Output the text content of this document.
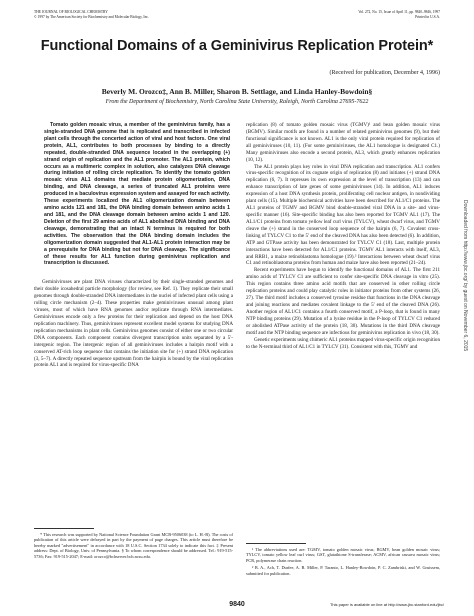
THE JOURNAL OF BIOLOGICAL CHEMISTRY
© 1997 by The American Society for Biochemistry and Molecular Biology, Inc.
Vol. 272, No. 15, Issue of April 11, pp. 9840–9846, 1997
Printed in U.S.A.
Functional Domains of a Geminivirus Replication Protein*
(Received for publication, December 4, 1996)
Beverly M. Orozco‡, Ann B. Miller, Sharon B. Settlage, and Linda Hanley-Bowdoin§
From the Department of Biochemistry, North Carolina State University, Raleigh, North Carolina 27695-7622
Tomato golden mosaic virus, a member of the geminivirus family, has a single-stranded DNA genome that is replicated and transcribed in infected plant cells through the concerted action of viral and host factors. One viral protein, AL1, contributes to both processes by binding to a directly repeated, double-stranded DNA sequence located in the overlapping (+) strand origin of replication and the AL1 promoter. The AL1 protein, which occurs as a multimeric complex in solution, also catalyzes DNA cleavage during initiation of rolling circle replication. To identify the tomato golden mosaic virus AL1 domains that mediate protein oligomerization, DNA binding, and DNA cleavage, a series of truncated AL1 proteins were produced in a baculovirus expression system and assayed for each activity. These experiments localized the AL1 oligomerization domain between amino acids 121 and 181, the DNA binding domain between amino acids 1 and 181, and the DNA cleavage domain between amino acids 1 and 120. Deletion of the first 29 amino acids of AL1 abolished DNA binding and DNA cleavage, demonstrating that an intact N terminus is required for both activities. The observation that the DNA binding domain includes the oligomerization domain suggested that AL1-AL1 protein interaction may be a prerequisite for DNA binding but not for DNA cleavage. The significance of these results for AL1 function during geminivirus replication and transcription is discussed.

Geminiviruses are plant DNA viruses characterized by their single-stranded genomes and their double icosahedral particle morphology (for review, see Ref. 1). They replicate their small genomes through double-stranded DNA intermediates in the nuclei of infected plant cells using a rolling circle mechanism (2–4). These properties make geminiviruses unusual among plant viruses, most of which have RNA genomes and/or replicate through RNA intermediates. Geminiviruses encode only a few proteins for their replication and depend on the host DNA replication machinery. Thus, geminiviruses represent excellent model systems for studying DNA replication mechanisms in plant cells. Geminivirus genomes consist of either one or two circular DNA components. Each component contains divergent transcription units separated by a 5′-intergenic region. The intergenic region of all geminiviruses includes a hairpin motif with a conserved AT-rich loop sequence that contains the initiation site for (+) strand DNA replication (3, 5–7). A directly repeated sequence upstream from the hairpin is bound by the viral replication protein AL1 and is required for virus-specific DNA

replication (8) of tomato golden mosaic virus (TGMV)¹ and bean golden mosaic virus (BGMV). Similar motifs are found in a number of related geminivirus genomes (9), but their functional significance is not known. AL1 is the only viral protein required for replication of all geminiviruses (10, 11). (For some geminiviruses, the AL1 homologue is designated C1.) Many geminiviruses also encode a second protein, AL3, which greatly enhances replication (10, 12).

The AL1 protein plays key roles in viral DNA replication and transcription. AL1 confers virus-specific recognition of its cognate origin of replication (8) and initiates (+) strand DNA replication (6, 7). It represses its own expression at the level of transcription (13) and can enhance transcription of late genes of some geminiviruses (14). In addition, AL1 induces expression of a host DNA synthesis protein, proliferating cell nuclear antigen, in nondividing plant cells (15). Multiple biochemical activities have been described for AL1/C1 proteins. The AL1 proteins of TGMV and BGMV bind double-stranded viral DNA in a site- and virus-specific manner (16). Site-specific binding has also been reported for TGMV AL1 (17). The AL1/C1 proteins from tomato yellow leaf curl virus (TYLCV), wheat dwarf virus, and TGMV cleave the (+) strand in the conserved loop sequence of the hairpin (6, 7). Covalent cross-linking of TYLCV C1 to the 5′ end of the cleaved DNA has also been detected (6). In addition, ATP and GTPase activity has been demonstrated for TYLCV C1 (18). Last, multiple protein interactions have been detected for AL1/C1 proteins. TGMV AL1 interacts with itself, AL3, and RRB1, a maize retinoblastoma homologue (19).² Interactions between wheat dwarf virus C1 and retinoblastoma proteins from human and maize have also been reported (21–24).

Recent experiments have begun to identify the functional domains of AL1. The first 211 amino acids of TYLCV C1 are sufficient to confer site-specific DNA cleavage in vitro (25). This region contains three amino acid motifs that are conserved in other rolling circle replication proteins and could play catalytic roles in initiator proteins from other systems (26, 27). The third motif includes a conserved tyrosine residue that functions in the DNA cleavage and joining reactions and mediates covalent linkage to the 5′ end of the cleaved DNA (26). Another region of AL1/C1 contains a fourth conserved motif, a P-loop, that is found in many NTP binding proteins (29). Mutation of a lysine residue in the P-loop of TYLCV C1 reduced or abolished ATPase activity of the protein (18, 30). Mutations in the third DNA cleavage motif and the NTP binding sequence are infectious for geminivirus replication in vivo (18, 30).

Genetic experiments using chimeric AL1 proteins mapped virus-specific origin recognition to the N-terminal third of AL1/C1 in TYLCV (31). Consistent with this, TGMV and

* This research was supported by National Science Foundation Grant MCB-9506038 (to L. H.-B). The costs of publication of this article were defrayed in part by the payment of page charges. This article must therefore be hereby marked "advertisement" in accordance with 18 U.S.C. Section 1734 solely to indicate this fact. ‡ Present address: Dept. of Biology, Univ. of Pennsylvania. § To whom correspondence should be addressed. Tel.: 919-515-5736; Fax: 919-515-2047; E-mail: orozco@bchserver.bch.ncsu.edu.

¹ The abbreviations used are: TGMV, tomato golden mosaic virus; BGMV, bean golden mosaic virus; TYLCV, tomato yellow leaf curl virus; GST, glutathione S-transferase; ACMV, african cassava mosaic virus; PCR, polymerase chain reaction.

² B. A., Ach, T. Durfee, A. B. Miller, P. Taranto, L. Hanley-Bowdoin, P. C. Zambriski, and W. Gruissem, submitted for publication.

9840	This paper is available on line at http://www-jbc.stanford.edu/jbc/
Downloaded from http://www.jbc.org/ by guest on November 6, 2015
